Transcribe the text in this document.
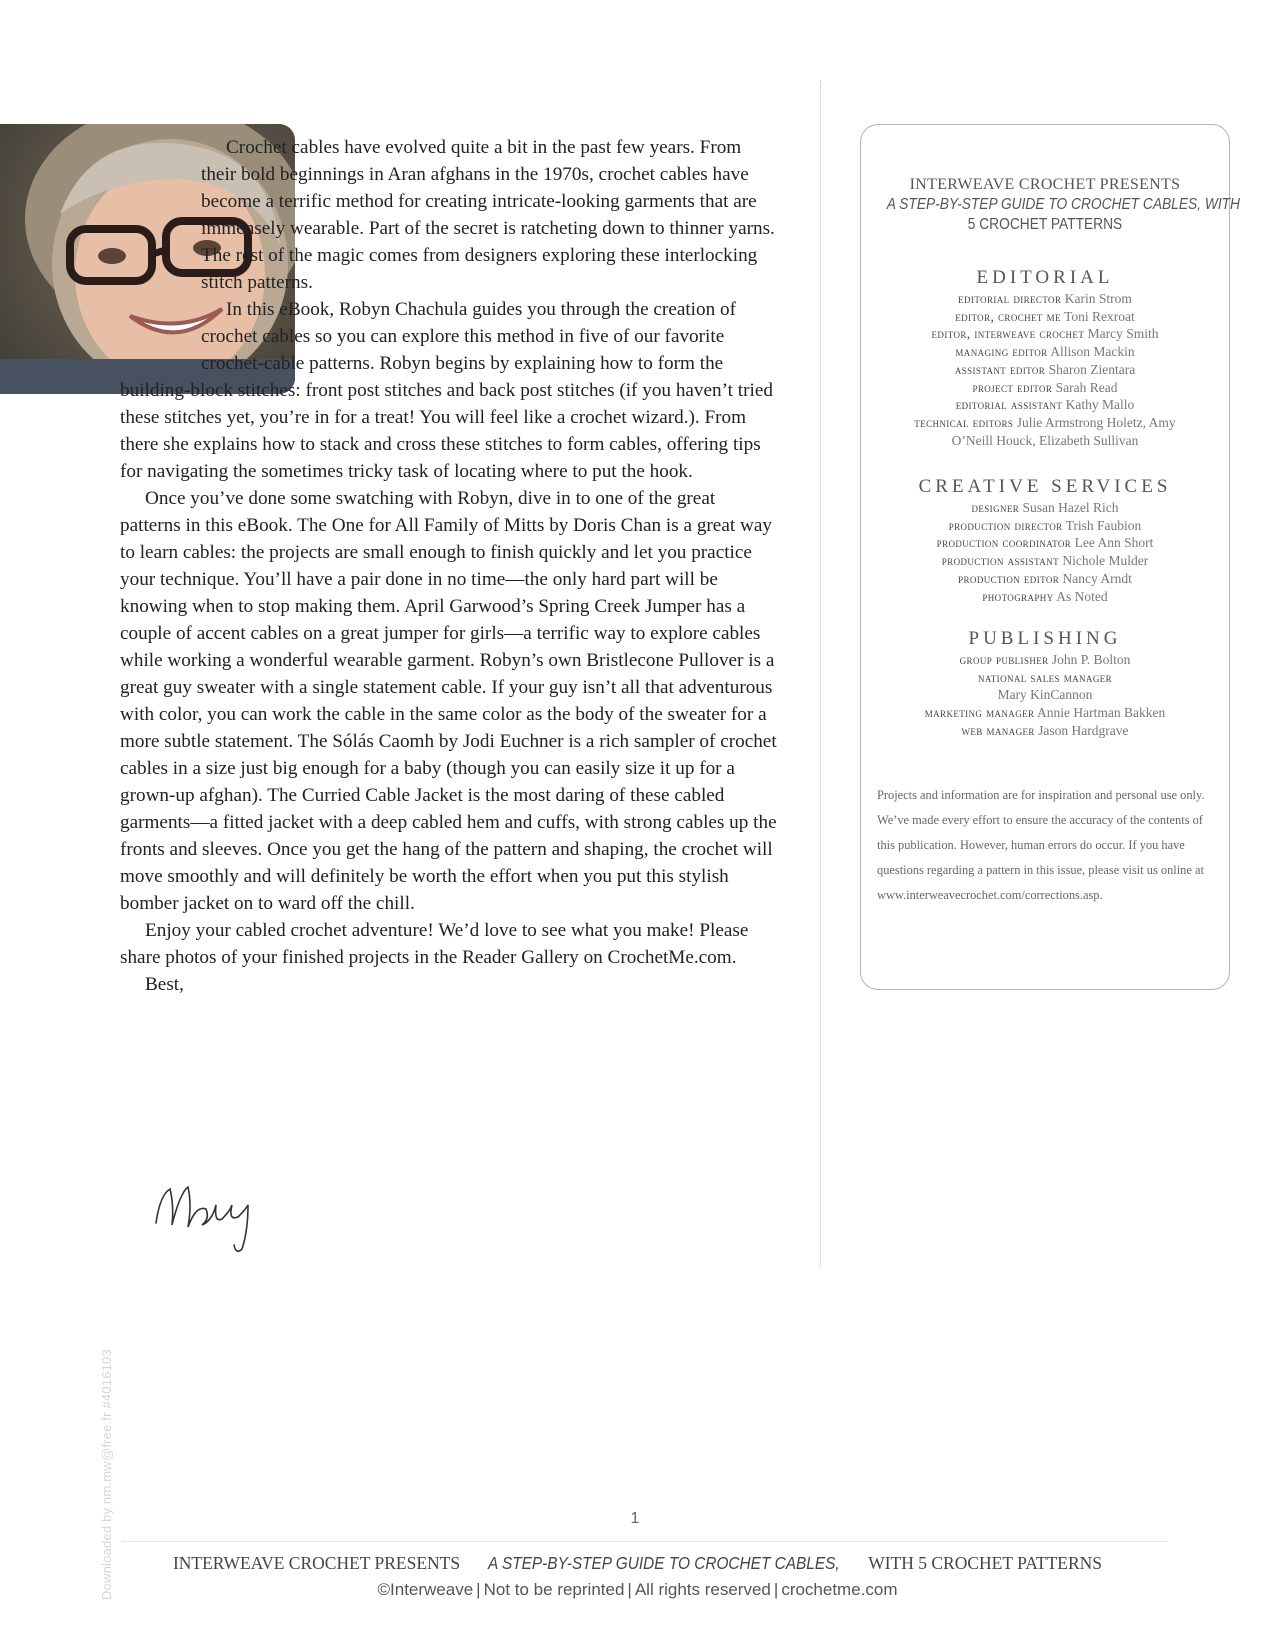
Crochet cables have evolved quite a bit in the past few years. From their bold beginnings in Aran afghans in the 1970s, crochet cables have become a terrific method for creating intricate-looking garments that are immensely wearable. Part of the secret is ratcheting down to thinner yarns. The rest of the magic comes from designers exploring these interlocking stitch patterns.

In this eBook, Robyn Chachula guides you through the creation of crochet cables so you can explore this method in five of our favorite crochet-cable patterns. Robyn begins by explaining how to form the building-block stitches: front post stitches and back post stitches (if you haven’t tried these stitches yet, you’re in for a treat! You will feel like a crochet wizard.). From there she explains how to stack and cross these stitches to form cables, offering tips for navigating the sometimes tricky task of locating where to put the hook.

Once you’ve done some swatching with Robyn, dive in to one of the great patterns in this eBook. The One for All Family of Mitts by Doris Chan is a great way to learn cables: the projects are small enough to finish quickly and let you practice your technique. You’ll have a pair done in no time—the only hard part will be knowing when to stop making them. April Garwood’s Spring Creek Jumper has a couple of accent cables on a great jumper for girls—a terrific way to explore cables while working a wonderful wearable garment. Robyn’s own Bristlecone Pullover is a great guy sweater with a single statement cable. If your guy isn’t all that adventurous with color, you can work the cable in the same color as the body of the sweater for a more subtle statement. The Sólás Caomh by Jodi Euchner is a rich sampler of crochet cables in a size just big enough for a baby (though you can easily size it up for a grown-up afghan). The Curried Cable Jacket is the most daring of these cabled garments—a fitted jacket with a deep cabled hem and cuffs, with strong cables up the fronts and sleeves. Once you get the hang of the pattern and shaping, the crochet will move smoothly and will definitely be worth the effort when you put this stylish bomber jacket on to ward off the chill.

Enjoy your cabled crochet adventure! We’d love to see what you make! Please share photos of your finished projects in the Reader Gallery on CrochetMe.com.

Best,

INTERWEAVE CROCHET PRESENTS
A STEP-BY-STEP GUIDE TO CROCHET CABLES, WITH
5 CROCHET PATTERNS
EDITORIAL
editorial director Karin Strom
editor, crochet me Toni Rexroat
editor, interweave crochet Marcy Smith
managing editor Allison Mackin
assistant editor Sharon Zientara
project editor Sarah Read
editorial assistant Kathy Mallo
technical editors Julie Armstrong Holetz, Amy
O’Neill Houck, Elizabeth Sullivan
CREATIVE SERVICES
designer Susan Hazel Rich
production director Trish Faubion
production coordinator Lee Ann Short
production assistant Nichole Mulder
production editor Nancy Arndt
photography As Noted
PUBLISHING
group publisher John P. Bolton
national sales manager
Mary KinCannon
marketing manager Annie Hartman Bakken
web manager Jason Hardgrave
Projects and information are for inspiration and personal use only. We’ve made every effort to ensure the accuracy of the contents of this publication. However, human errors do occur. If you have questions regarding a pattern in this issue, please visit us online at www.interweavecrochet.com/corrections.asp.
1
INTERWEAVE CROCHET PRESENTS A STEP-BY-STEP GUIDE TO CROCHET CABLES, WITH 5 CROCHET PATTERNS
©Interweave | Not to be reprinted | All rights reserved | crochetme.com
Downloaded by nm.mw@free.fr #4016103
